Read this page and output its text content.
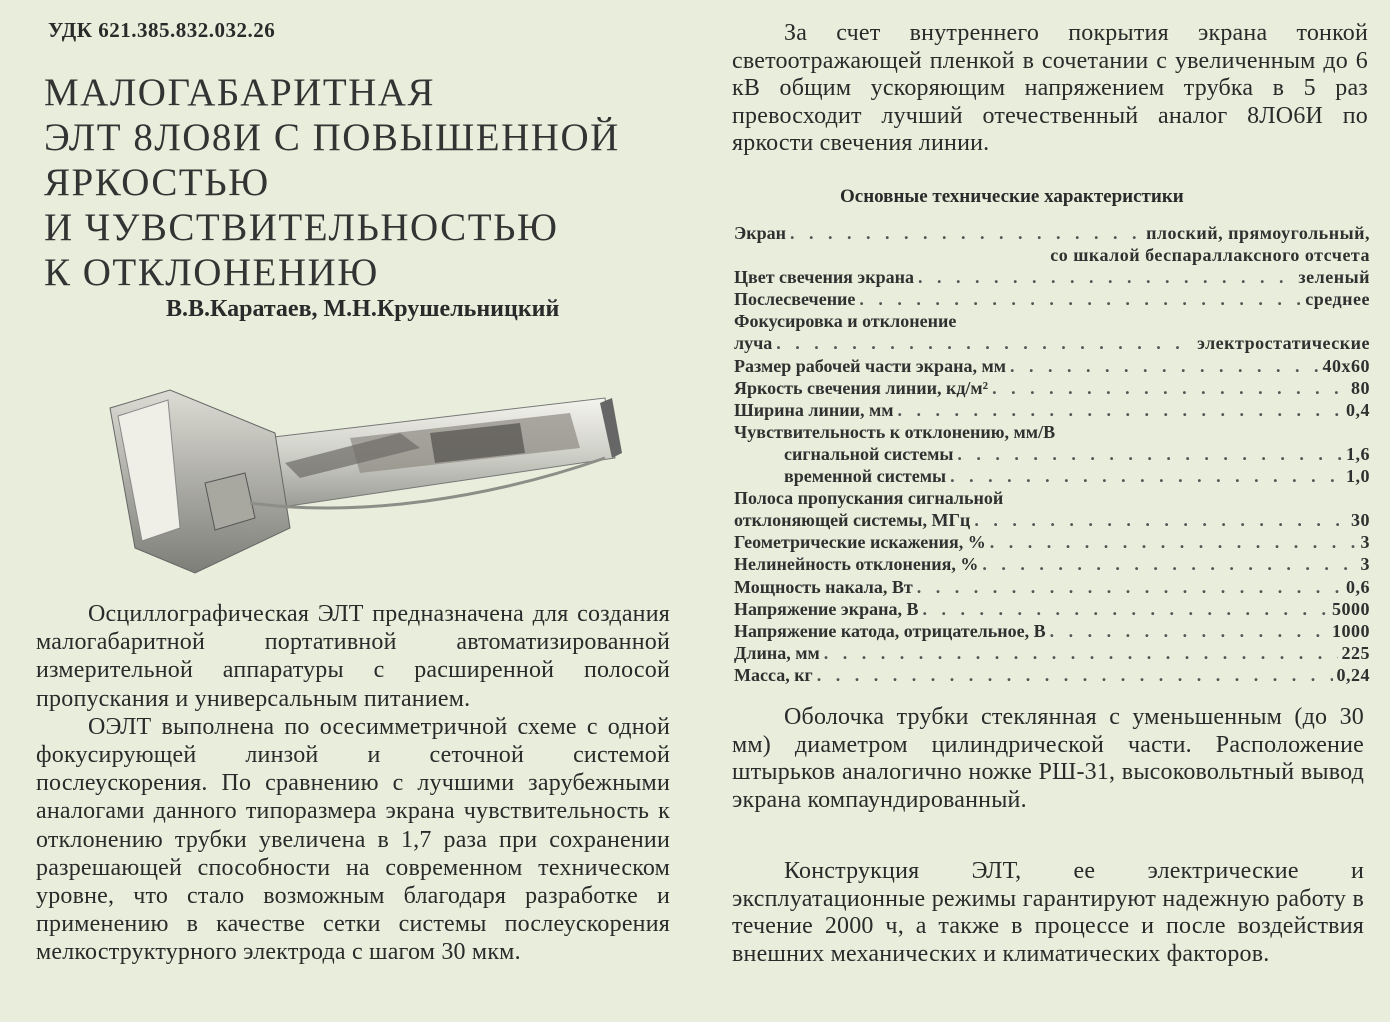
УДК 621.385.832.032.26
МАЛОГАБАРИТНАЯ
ЭЛТ 8ЛО8И С ПОВЫШЕННОЙ
ЯРКОСТЬЮ
И ЧУВСТВИТЕЛЬНОСТЬЮ
К ОТКЛОНЕНИЮ
В.В.Каратаев, М.Н.Крушельницкий

Осциллографическая ЭЛТ предназначена для создания малогабаритной портативной автоматизированной измерительной аппаратуры с расширенной полосой пропускания и универсальным питанием.

ОЭЛТ выполнена по осесимметричной схеме с одной фокусирующей линзой и сеточной системой послеускорения. По сравнению с лучшими зарубежными аналогами данного типоразмера экрана чувствительность к отклонению трубки увеличена в 1,7 раза при сохранении разрешающей способности на современном техническом уровне, что стало возможным благодаря разработке и применению в качестве сетки системы послеускорения мелкоструктурного электрода с шагом 30 мкм.

За счет внутреннего покрытия экрана тонкой светоотражающей пленкой в сочетании с увеличенным до 6 кВ общим ускоряющим напряжением трубка в 5 раз превосходит лучший отечественный аналог 8ЛО6И по яркости свечения линии.

Основные технические характеристики
Экран . . .	плоский, прямоугольный,
со шкалой беспараллаксного отсчета
Цвет свечения экрана . . .	зеленый
Послесвечение . . .	среднее
Фокусировка и отклонение
луча . . .	электростатические
Размер рабочей части экрана, мм . . .	40х60
Яркость свечения линии, кд/м² . . .	80
Ширина линии, мм . . .	0,4
Чувствительность к отклонению, мм/В
сигнальной системы . . .	1,6
временной системы . . .	1,0
Полоса пропускания сигнальной
отклоняющей системы, МГц . . .	30
Геометрические искажения, % . . .	3
Нелинейность отклонения, % . . .	3
Мощность накала, Вт . . .	0,6
Напряжение экрана, В . . .	5000
Напряжение катода, отрицательное, В . . .	1000
Длина, мм . . .	225
Масса, кг . . .	0,24

Оболочка трубки стеклянная с уменьшенным (до 30 мм) диаметром цилиндрической части. Расположение штырьков аналогично ножке РШ-31, высоковольтный вывод экрана компаундированный.

Конструкция ЭЛТ, ее электрические и эксплуатационные режимы гарантируют надежную работу в течение 2000 ч, а также в процессе и после воздействия внешних механических и климатических факторов.
